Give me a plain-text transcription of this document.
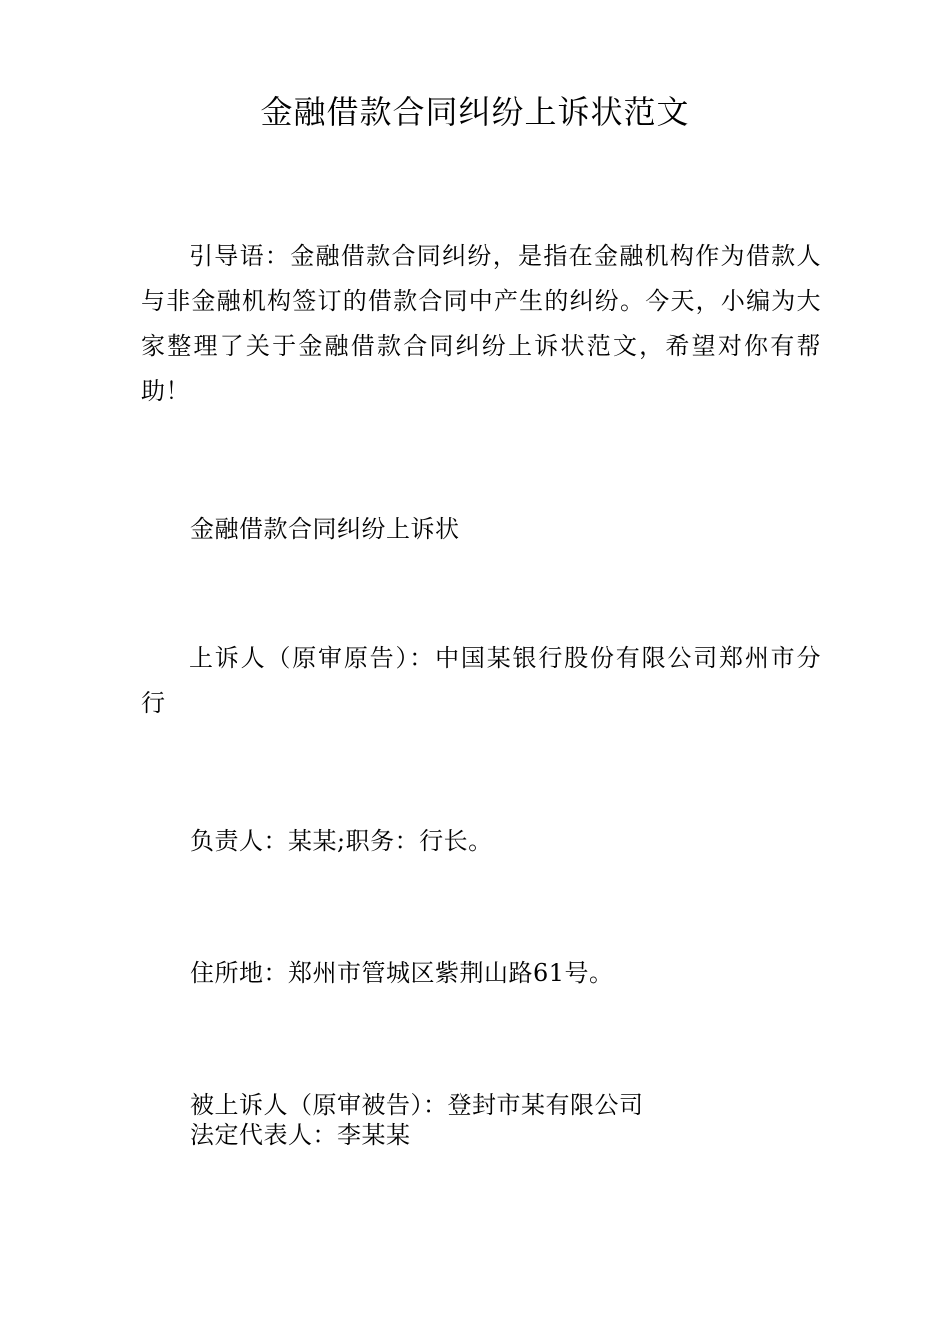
金融借款合同纠纷上诉状范文
引导语：金融借款合同纠纷，是指在金融机构作为借款人与非金融机构签订的借款合同中产生的纠纷。今天，小编为大家整理了关于金融借款合同纠纷上诉状范文，希望对你有帮助！
金融借款合同纠纷上诉状
上诉人（原审原告）：中国某银行股份有限公司郑州市分 行
负责人：某某;职务：行长。
住所地：郑州市管城区紫荆山路61号。
被上诉人（原审被告）：登封市某有限公司
法定代表人：李某某
